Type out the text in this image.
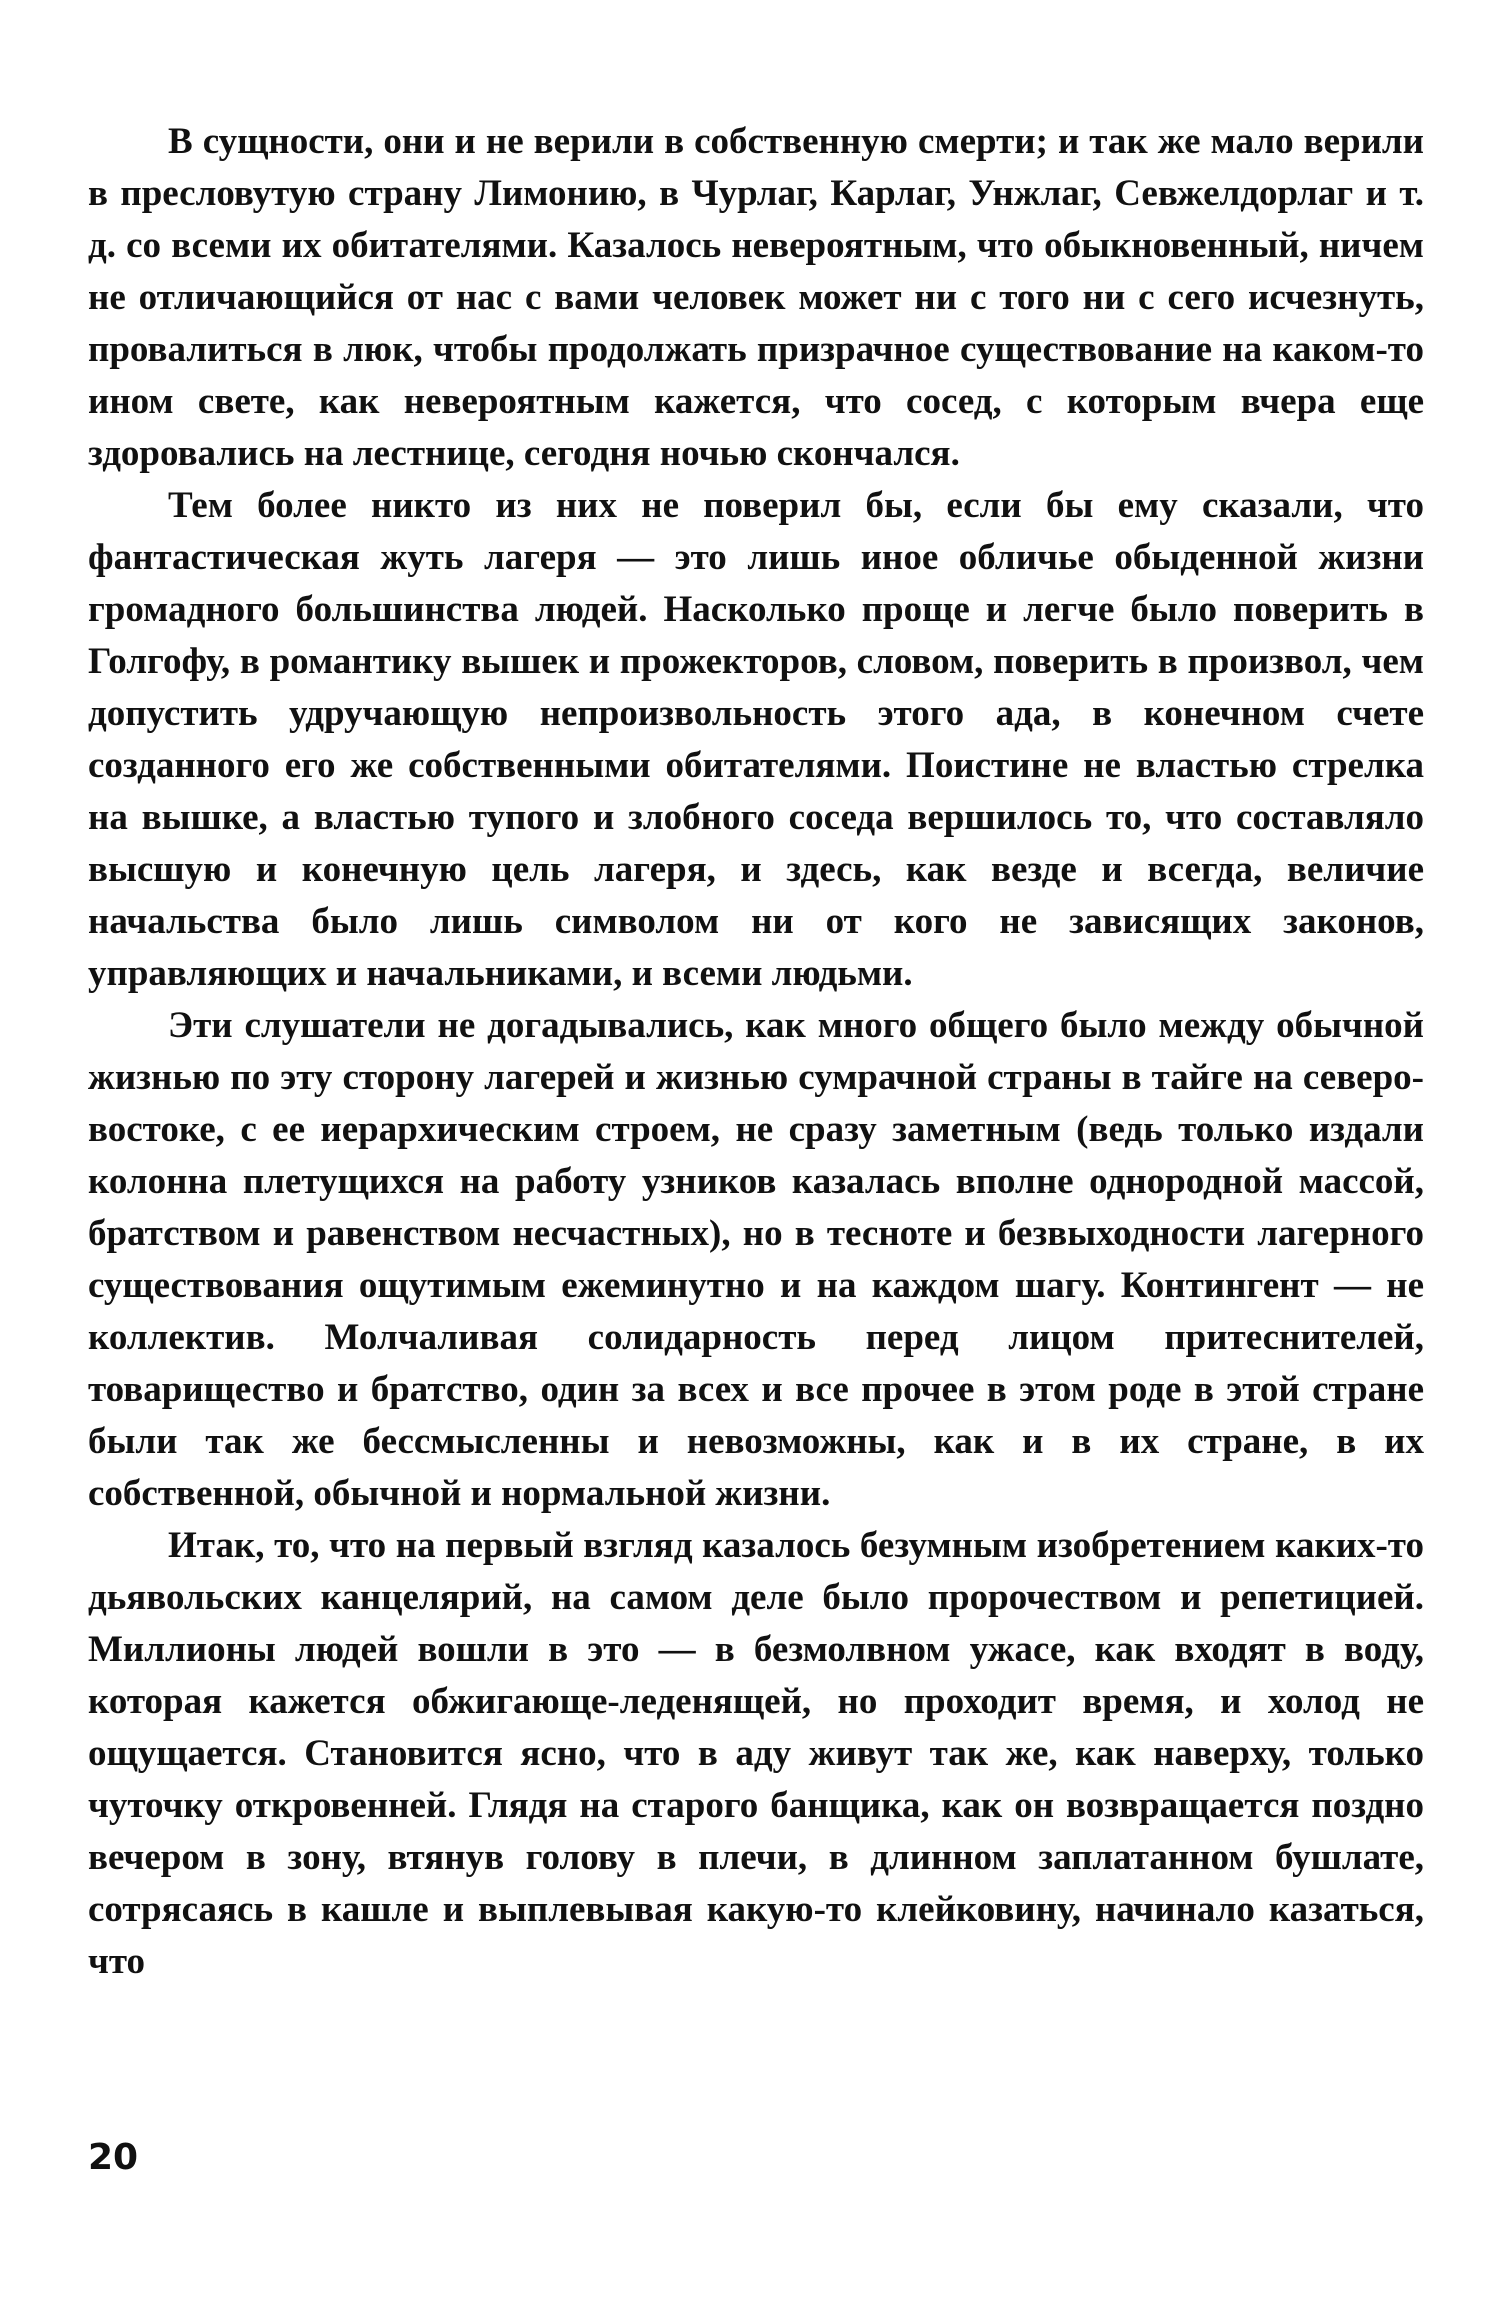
В сущности, они и не верили в собственную смерти; и так же мало верили в пресловутую страну Лимонию, в Чурлаг, Карлаг, Унжлаг, Севжелдорлаг и т. д. со всеми их обитателями. Казалось невероятным, что обыкновенный, ничем не отличающийся от нас с вами человек может ни с того ни с сего исчезнуть, провалиться в люк, чтобы продолжать призрачное существование на каком-то ином свете, как невероятным кажется, что сосед, с которым вчера еще здоровались на лестнице, сегодня ночью скончался.

Тем более никто из них не поверил бы, если бы ему сказали, что фантастическая жуть лагеря — это лишь иное обличье обыденной жизни громадного большинства людей. Насколько проще и легче было поверить в Голгофу, в романтику вышек и прожекторов, словом, поверить в произвол, чем допустить удручающую непроизвольность этого ада, в конечном счете созданного его же собственными обитателями. Поистине не властью стрелка на вышке, а властью тупого и злобного соседа вершилось то, что составляло высшую и конечную цель лагеря, и здесь, как везде и всегда, величие начальства было лишь символом ни от кого не зависящих законов, управляющих и начальниками, и всеми людьми.

Эти слушатели не догадывались, как много общего было между обычной жизнью по эту сторону лагерей и жизнью сумрачной страны в тайге на северо-востоке, с ее иерархическим строем, не сразу заметным (ведь только издали колонна плетущихся на работу узников казалась вполне однородной массой, братством и равенством несчастных), но в тесноте и безвыходности лагерного существования ощутимым ежеминутно и на каждом шагу. Контингент — не коллектив. Молчаливая солидарность перед лицом притеснителей, товарищество и братство, один за всех и все прочее в этом роде в этой стране были так же бессмысленны и невозможны, как и в их стране, в их собственной, обычной и нормальной жизни.

Итак, то, что на первый взгляд казалось безумным изобретением каких-то дьявольских канцелярий, на самом деле было пророчеством и репетицией. Миллионы людей вошли в это — в безмолвном ужасе, как входят в воду, которая кажется обжигающе-леденящей, но проходит время, и холод не ощущается. Становится ясно, что в аду живут так же, как наверху, только чуточку откровенней. Глядя на старого банщика, как он возвращается поздно вечером в зону, втянув голову в плечи, в длинном заплатанном бушлате, сотрясаясь в кашле и выплевывая какую-то клейковину, начинало казаться, что

20
